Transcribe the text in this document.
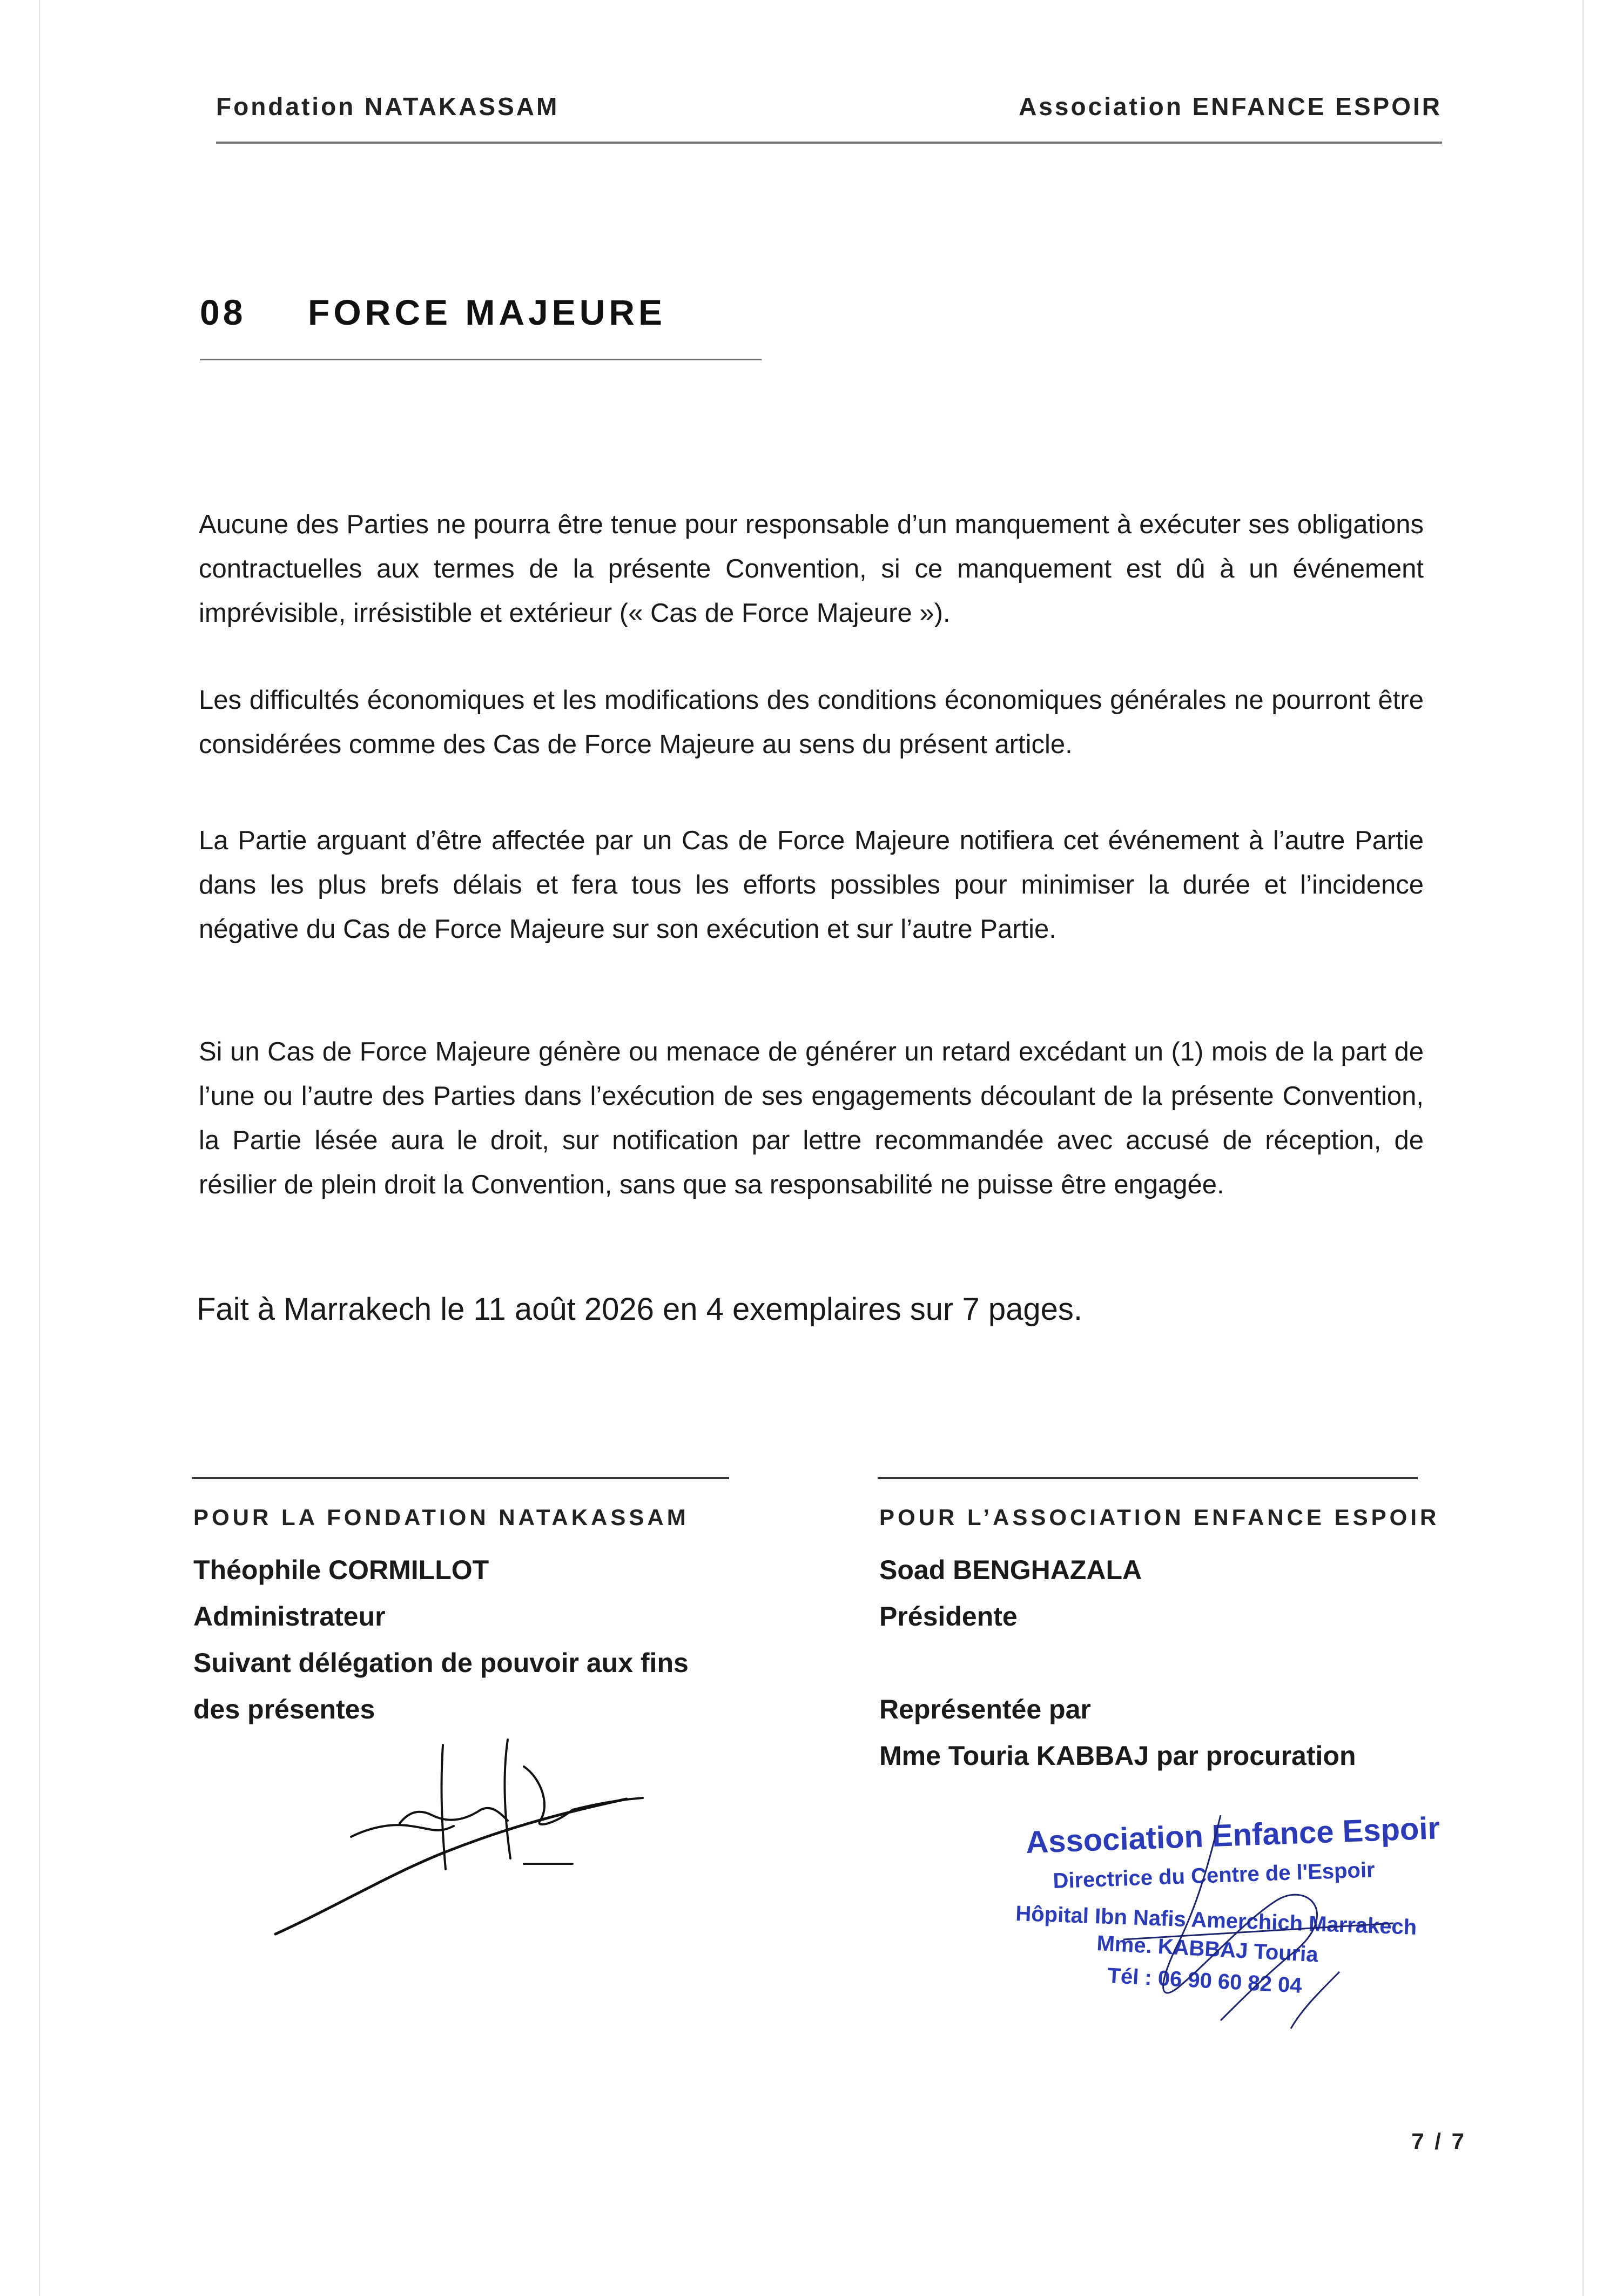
Fondation NATAKASSAM	Association ENFANCE ESPOIR
08 FORCE MAJEURE

Aucune des Parties ne pourra être tenue pour responsable d’un manquement à exécuter ses obligations contractuelles aux termes de la présente Convention, si ce manquement est dû à un événement imprévisible, irrésistible et extérieur (« Cas de Force Majeure »).

Les difficultés économiques et les modifications des conditions économiques générales ne pourront être considérées comme des Cas de Force Majeure au sens du présent article.

La Partie arguant d’être affectée par un Cas de Force Majeure notifiera cet événement à l’autre Partie dans les plus brefs délais et fera tous les efforts possibles pour minimiser la durée et l’incidence négative du Cas de Force Majeure sur son exécution et sur l’autre Partie.

Si un Cas de Force Majeure génère ou menace de générer un retard excédant un (1) mois de la part de l’une ou l’autre des Parties dans l’exécution de ses engagements découlant de la présente Convention, la Partie lésée aura le droit, sur notification par lettre recommandée avec accusé de réception, de résilier de plein droit la Convention, sans que sa responsabilité ne puisse être engagée.

Fait à Marrakech le 11 août 2026 en 4 exemplaires sur 7 pages.
POUR LA FONDATION NATAKASSAM
Théophile CORMILLOT
Administrateur
Suivant délégation de pouvoir aux fins
des présentes
POUR L’ASSOCIATION ENFANCE ESPOIR
Soad BENGHAZALA
Présidente
Représentée par
Mme Touria KABBAJ par procuration
Association Enfance Espoir
Directrice du Centre de l'Espoir
Hôpital Ibn Nafis Amerchich Marrakech
Mme. KABBAJ Touria
Tél : 06 90 60 82 04
7 / 7
